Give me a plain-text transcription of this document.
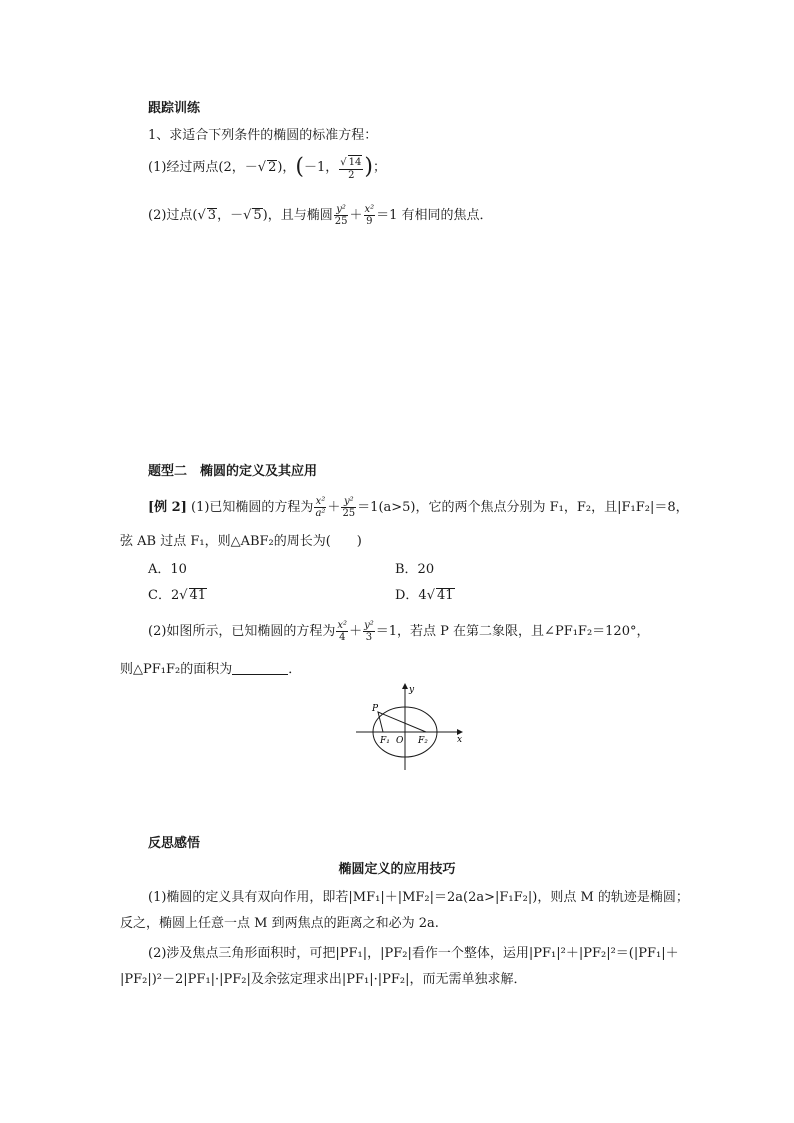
跟踪训练
1、求适合下列条件的椭圆的标准方程：
(1)经过两点(2，－√ 2)，(－1， $\frac{√ 14}{2}$ )；
(2)过点(√ 3，－√ 5)，且与椭圆 $\frac{\text{y²}}{25} + \frac{\text{x²}}{9} =1$ 有相同的焦点．
题型二　椭圆的定义及其应用
[例 2] (1)已知椭圆的方程为 $\frac{\text{x²}}{\text{a²}} + \frac{\text{y²}}{25} =1(a>5)$，它的两个焦点分别为 F₁，F₂，且|F₁F₂|＝8，
弦 AB 过点 F₁，则△ABF₂的周长为(　　)
A．10	B．20
C．2√ 41	D．4√ 41
(2)如图所示，已知椭圆的方程为 $\frac{\text{x²}}{4} + \frac{\text{y²}}{3} =1$，若点 P 在第二象限，且∠PF₁F₂＝120°，
则△PF₁F₂的面积为	．
y
x
P
F₁ O F₂
反思感悟
椭圆定义的应用技巧
(1)椭圆的定义具有双向作用，即若|MF₁|＋|MF₂|＝2a(2a>|F₁F₂|)，则点 M 的轨迹是椭圆；
反之，椭圆上任意一点 M 到两焦点的距离之和必为 2a.
(2)涉及焦点三角形面积时，可把|PF₁|，|PF₂|看作一个整体，运用|PF₁|²＋|PF₂|²＝(|PF₁|＋
|PF₂|)²－2|PF₁|·|PF₂|及余弦定理求出|PF₁|·|PF₂|，而无需单独求解．
